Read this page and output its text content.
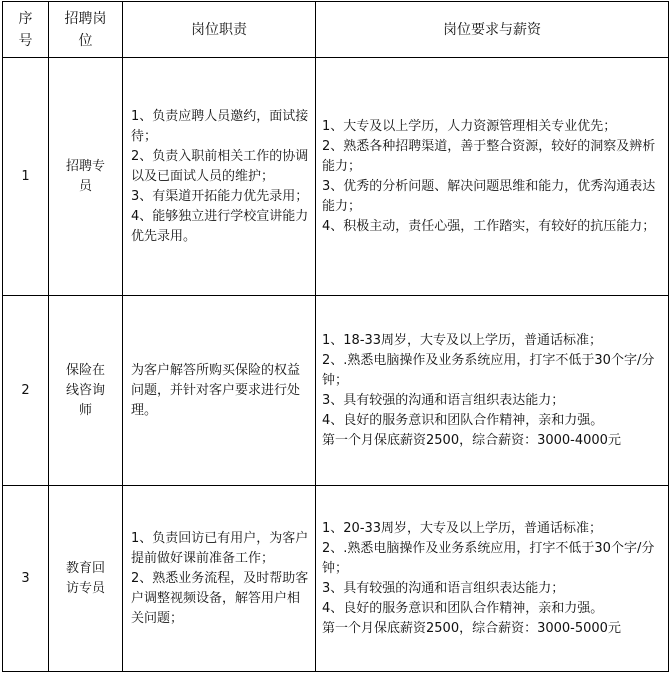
序号	招聘岗位	岗位职责	岗位要求与薪资
1	招聘专
员	1、负责应聘人员邀约，面试接待；
2、负责入职前相关工作的协调以及已面试人员的维护；
3、有渠道开拓能力优先录用；
4、能够独立进行学校宣讲能力优先录用。	1、大专及以上学历，人力资源管理相关专业优先；
2、熟悉各种招聘渠道，善于整合资源，较好的洞察及辨析能力；
3、优秀的分析问题、解决问题思维和能力，优秀沟通表达能力；
4、积极主动，责任心强，工作踏实，有较好的抗压能力；

2	保险在
线咨询
师	为客户解答所购买保险的权益问题，并针对客户要求进行处理。	1、18-33周岁，大专及以上学历，普通话标准；
2、.熟悉电脑操作及业务系统应用，打字不低于30个字/分钟；
3、具有较强的沟通和语言组织表达能力；
4、良好的服务意识和团队合作精神，亲和力强。
第一个月保底薪资2500，综合薪资：3000-4000元

3	教育回
访专员	1、负责回访已有用户，为客户提前做好课前准备工作；
2、熟悉业务流程，及时帮助客户调整视频设备，解答用户相关问题；	1、20-33周岁，大专及以上学历，普通话标准；
2、.熟悉电脑操作及业务系统应用，打字不低于30个字/分钟；
3、具有较强的沟通和语言组织表达能力；
4、良好的服务意识和团队合作精神，亲和力强。
第一个月保底薪资2500，综合薪资：3000-5000元
